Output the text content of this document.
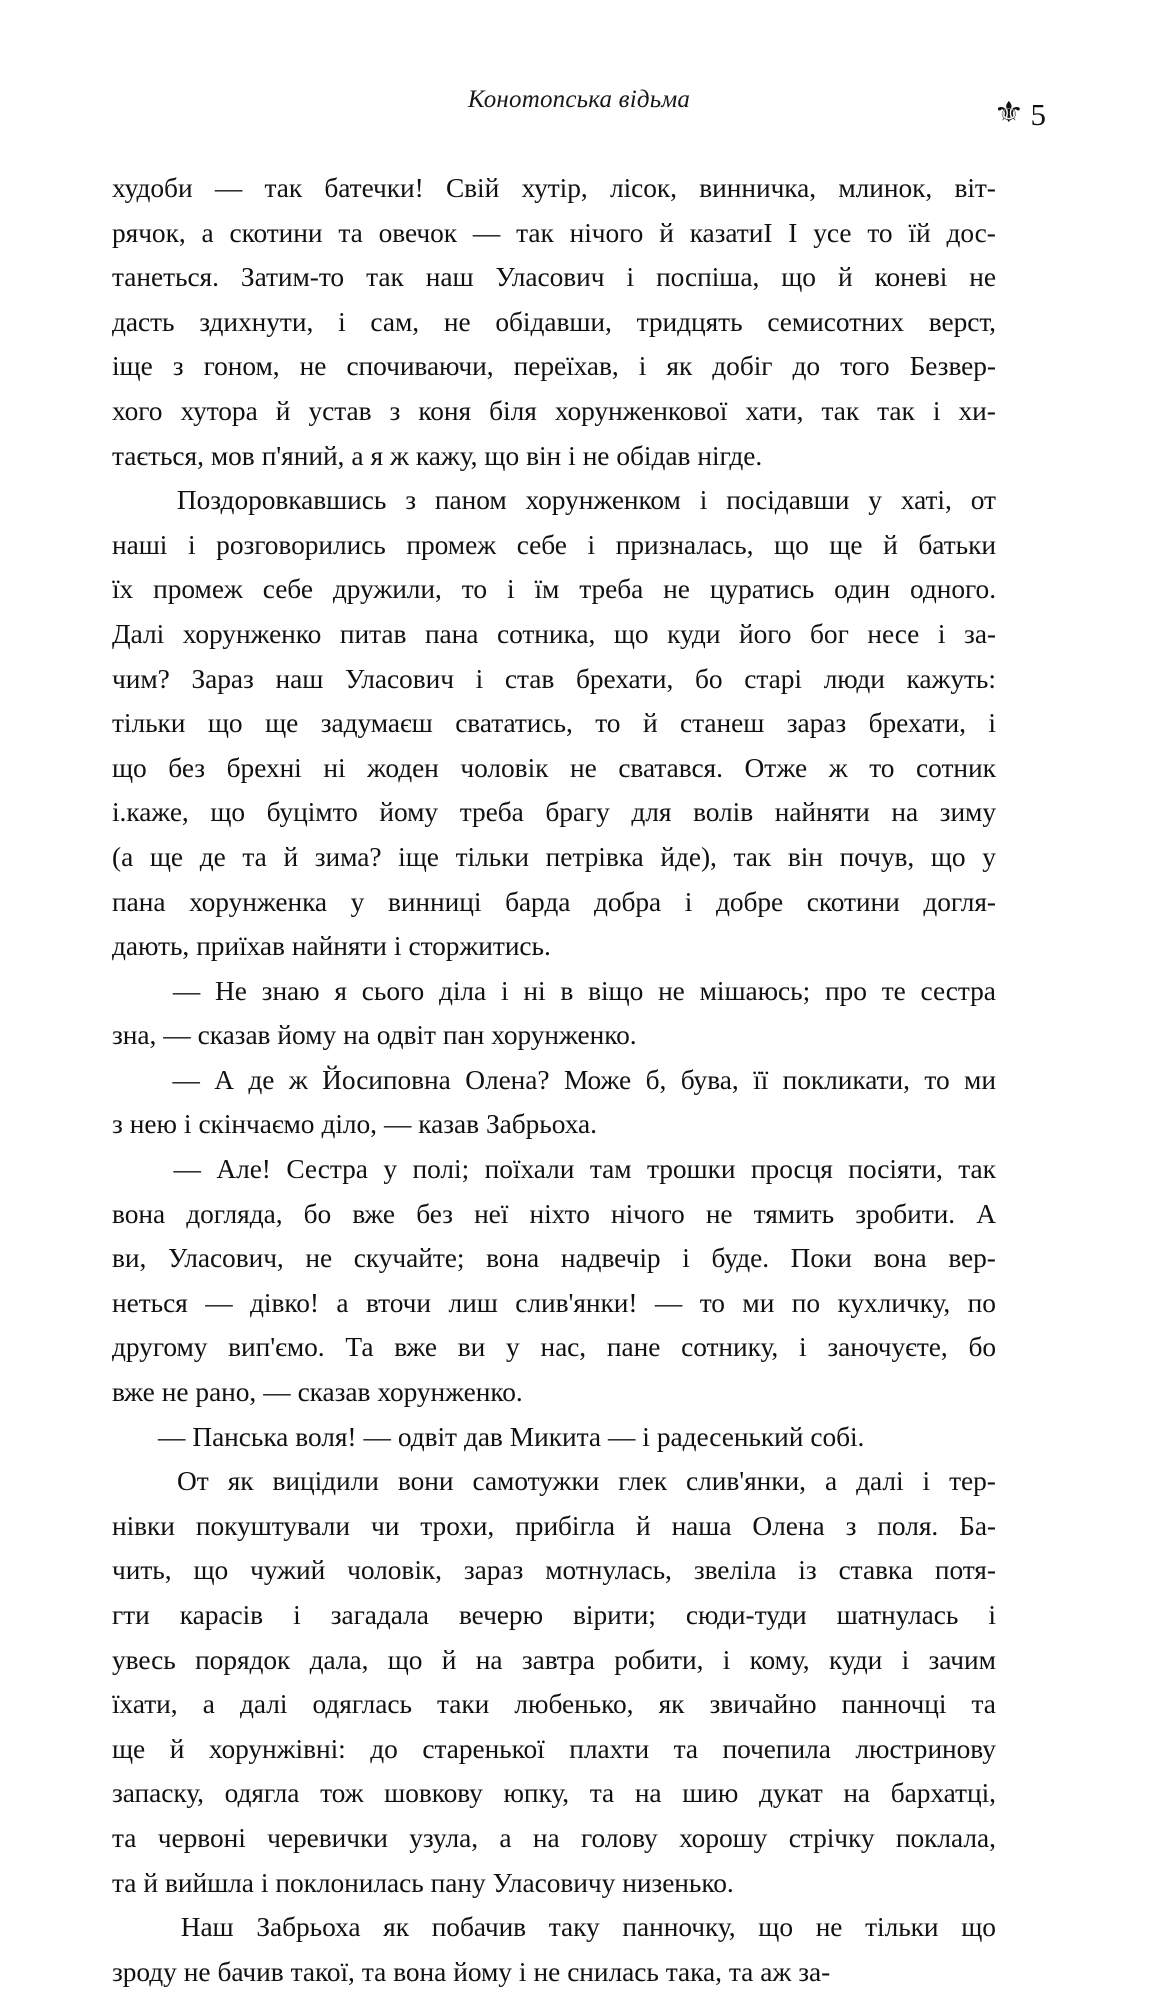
Конотопська відьма	⚜ 5

худоби — так батечки! Свій хутір, лісок, винничка, млинок, віт-
рячок, а скотини та овечок — так нічого й казатиI I усе то їй дос-
танеться. Затим-то так наш Уласович і поспіша, що й коневі не
дасть здихнути, і сам, не обідавши, тридцять семисотних верст,
іще з гоном, не спочиваючи, переїхав, і як добіг до того Безвер-
хого хутора й устав з коня біля хорунженкової хати, так так і хи-
тається, мов п'яний, а я ж кажу, що він і не обідав нігде.

Поздоровкавшись з паном хорунженком і посідавши у хаті, от
наші і розговорились промеж себе і призналась, що ще й батьки
їх промеж себе дружили, то і їм треба не цуратись один одного.
Далі хорунженко питав пана сотника, що куди його бог несе і за-
чим? Зараз наш Уласович і став брехати, бо старі люди кажуть:
тільки що ще задумаєш свататись, то й станеш зараз брехати, і
що без брехні ні жоден чоловік не сватався. Отже ж то сотник
і.каже, що буцімто йому треба брагу для волів найняти на зиму
(а ще де та й зима? іще тільки петрівка йде), так він почув, що у
пана хорунженка у винниці барда добра і добре скотини догля-
дають, приїхав найняти і сторжитись.

— Не знаю я сього діла і ні в віщо не мішаюсь; про те сестра
зна, — сказав йому на одвіт пан хорунженко.

— А де ж Йосиповна Олена? Може б, бува, її покликати, то ми
з нею і скінчаємо діло, — казав Забрьоха.

— Але! Сестра у полі; поїхали там трошки просця посіяти, так
вона догляда, бо вже без неї ніхто нічого не тямить зробити. А
ви, Уласович, не скучайте; вона надвечір і буде. Поки вона вер-
неться — дівко! а вточи лиш слив'янки! — то ми по кухличку, по
другому вип'ємо. Та вже ви у нас, пане сотнику, і заночуєте, бо
вже не рано, — сказав хорунженко.

— Панська воля! — одвіт дав Микита — і радесенький собі.

От як вицідили вони самотужки глек слив'янки, а далі і тер-
нівки покуштували чи трохи, прибігла й наша Олена з поля. Ба-
чить, що чужий чоловік, зараз мотнулась, звеліла із ставка потя-
гти карасів і загадала вечерю вірити; сюди-туди шатнулась і
увесь порядок дала, що й на завтра робити, і кому, куди і зачим
їхати, а далі одяглась таки любенько, як звичайно панночці та
ще й хорунжівні: до старенької плахти та почепила люстринову
запаску, одягла тож шовкову юпку, та на шию дукат на бархатці,
та червоні черевички узула, а на голову хорошу стрічку поклала,
та й вийшла і поклонилась пану Уласовичу низенько.

Наш Забрьоха як побачив таку панночку, що не тільки що
зроду не бачив такої, та вона йому і не снилась така, та аж за-
